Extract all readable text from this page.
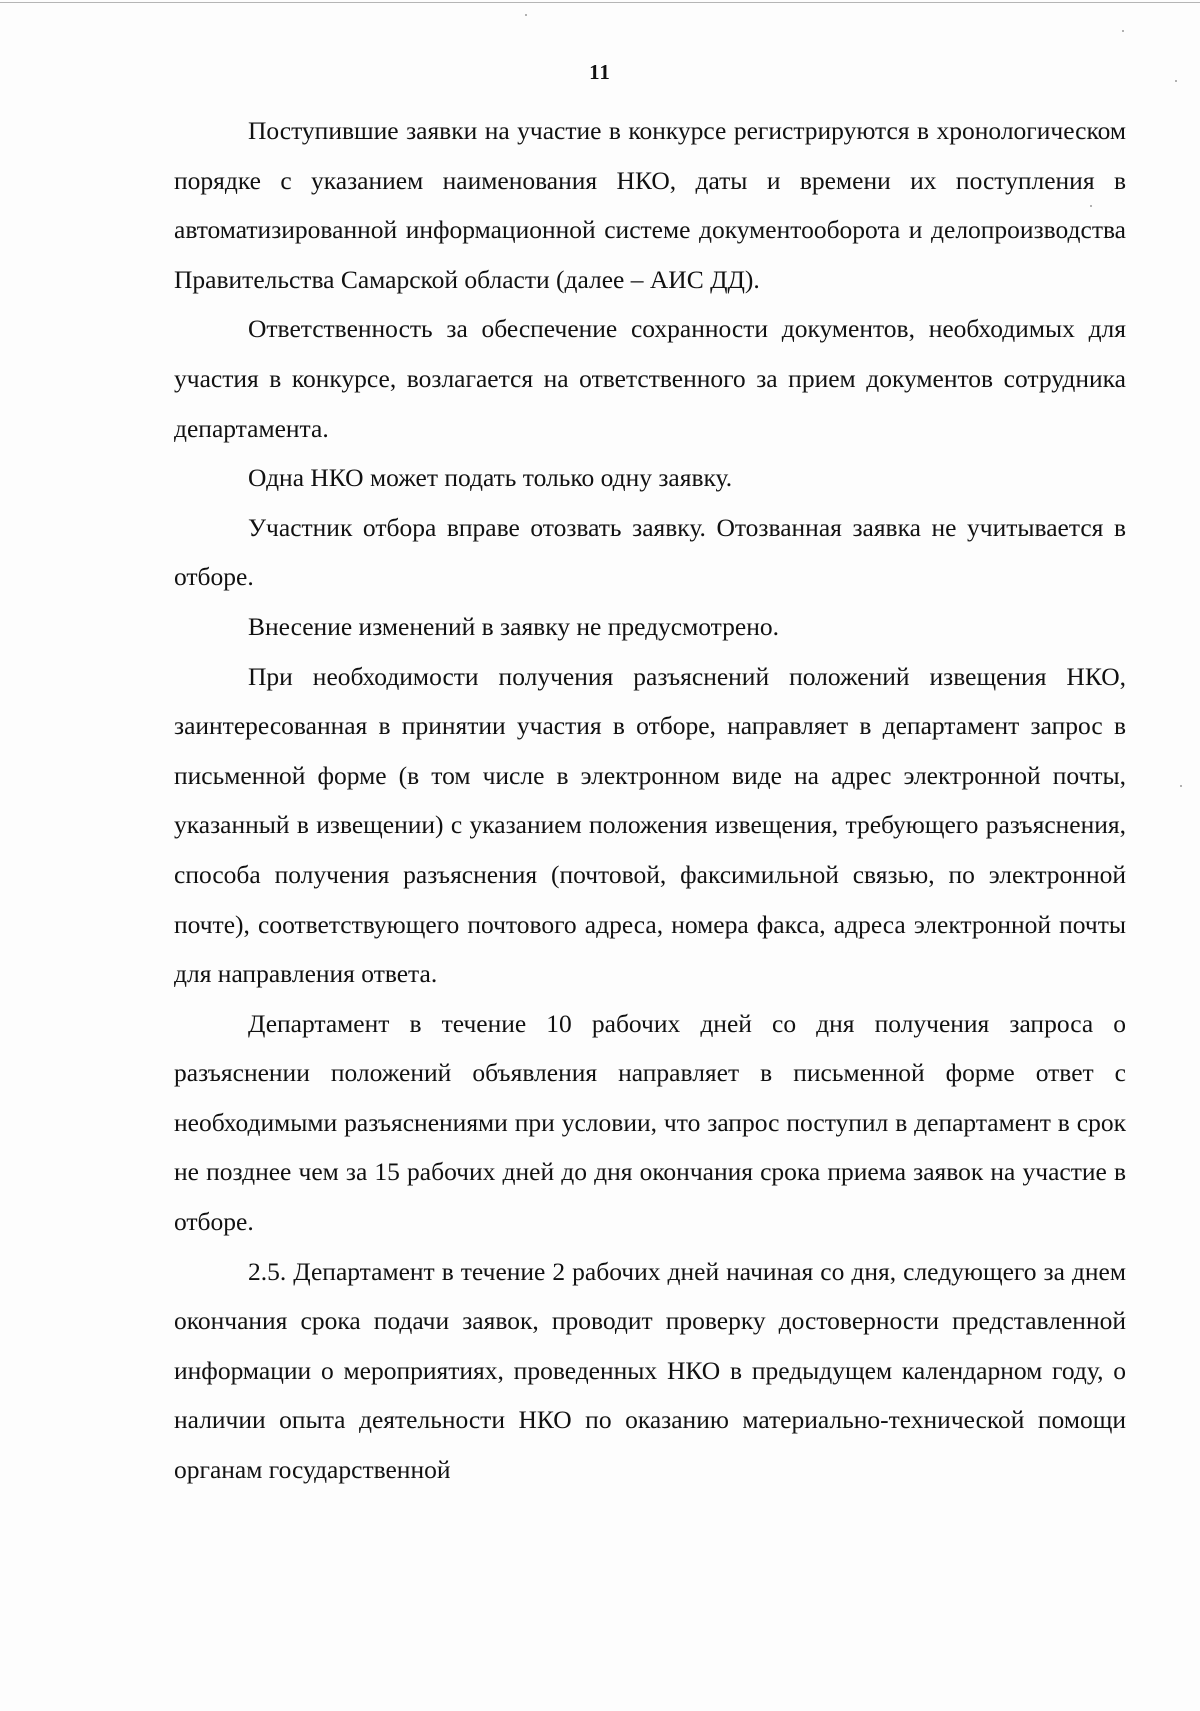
11

Поступившие заявки на участие в конкурсе регистрируются в хронологическом порядке с указанием наименования НКО, даты и времени их поступления в автоматизированной информационной системе документооборота и делопроизводства Правительства Самарской области (далее – АИС ДД).

Ответственность за обеспечение сохранности документов, необходимых для участия в конкурсе, возлагается на ответственного за прием документов сотрудника департамента.

Одна НКО может подать только одну заявку.

Участник отбора вправе отозвать заявку. Отозванная заявка не учитывается в отборе.

Внесение изменений в заявку не предусмотрено.

При необходимости получения разъяснений положений извещения НКО, заинтересованная в принятии участия в отборе, направляет в департамент запрос в письменной форме (в том числе в электронном виде на адрес электронной почты, указанный в извещении) с указанием положения извещения, требующего разъяснения, способа получения разъяснения (почтовой, факсимильной связью, по электронной почте), соответствующего почтового адреса, номера факса, адреса электронной почты для направления ответа.

Департамент в течение 10 рабочих дней со дня получения запроса о разъяснении положений объявления направляет в письменной форме ответ с необходимыми разъяснениями при условии, что запрос поступил в департамент в срок не позднее чем за 15 рабочих дней до дня окончания срока приема заявок на участие в отборе.

2.5. Департамент в течение 2 рабочих дней начиная со дня, следующего за днем окончания срока подачи заявок, проводит проверку достоверности представленной информации о мероприятиях, проведенных НКО в предыдущем календарном году, о наличии опыта деятельности НКО по оказанию материально-технической помощи органам государственной
